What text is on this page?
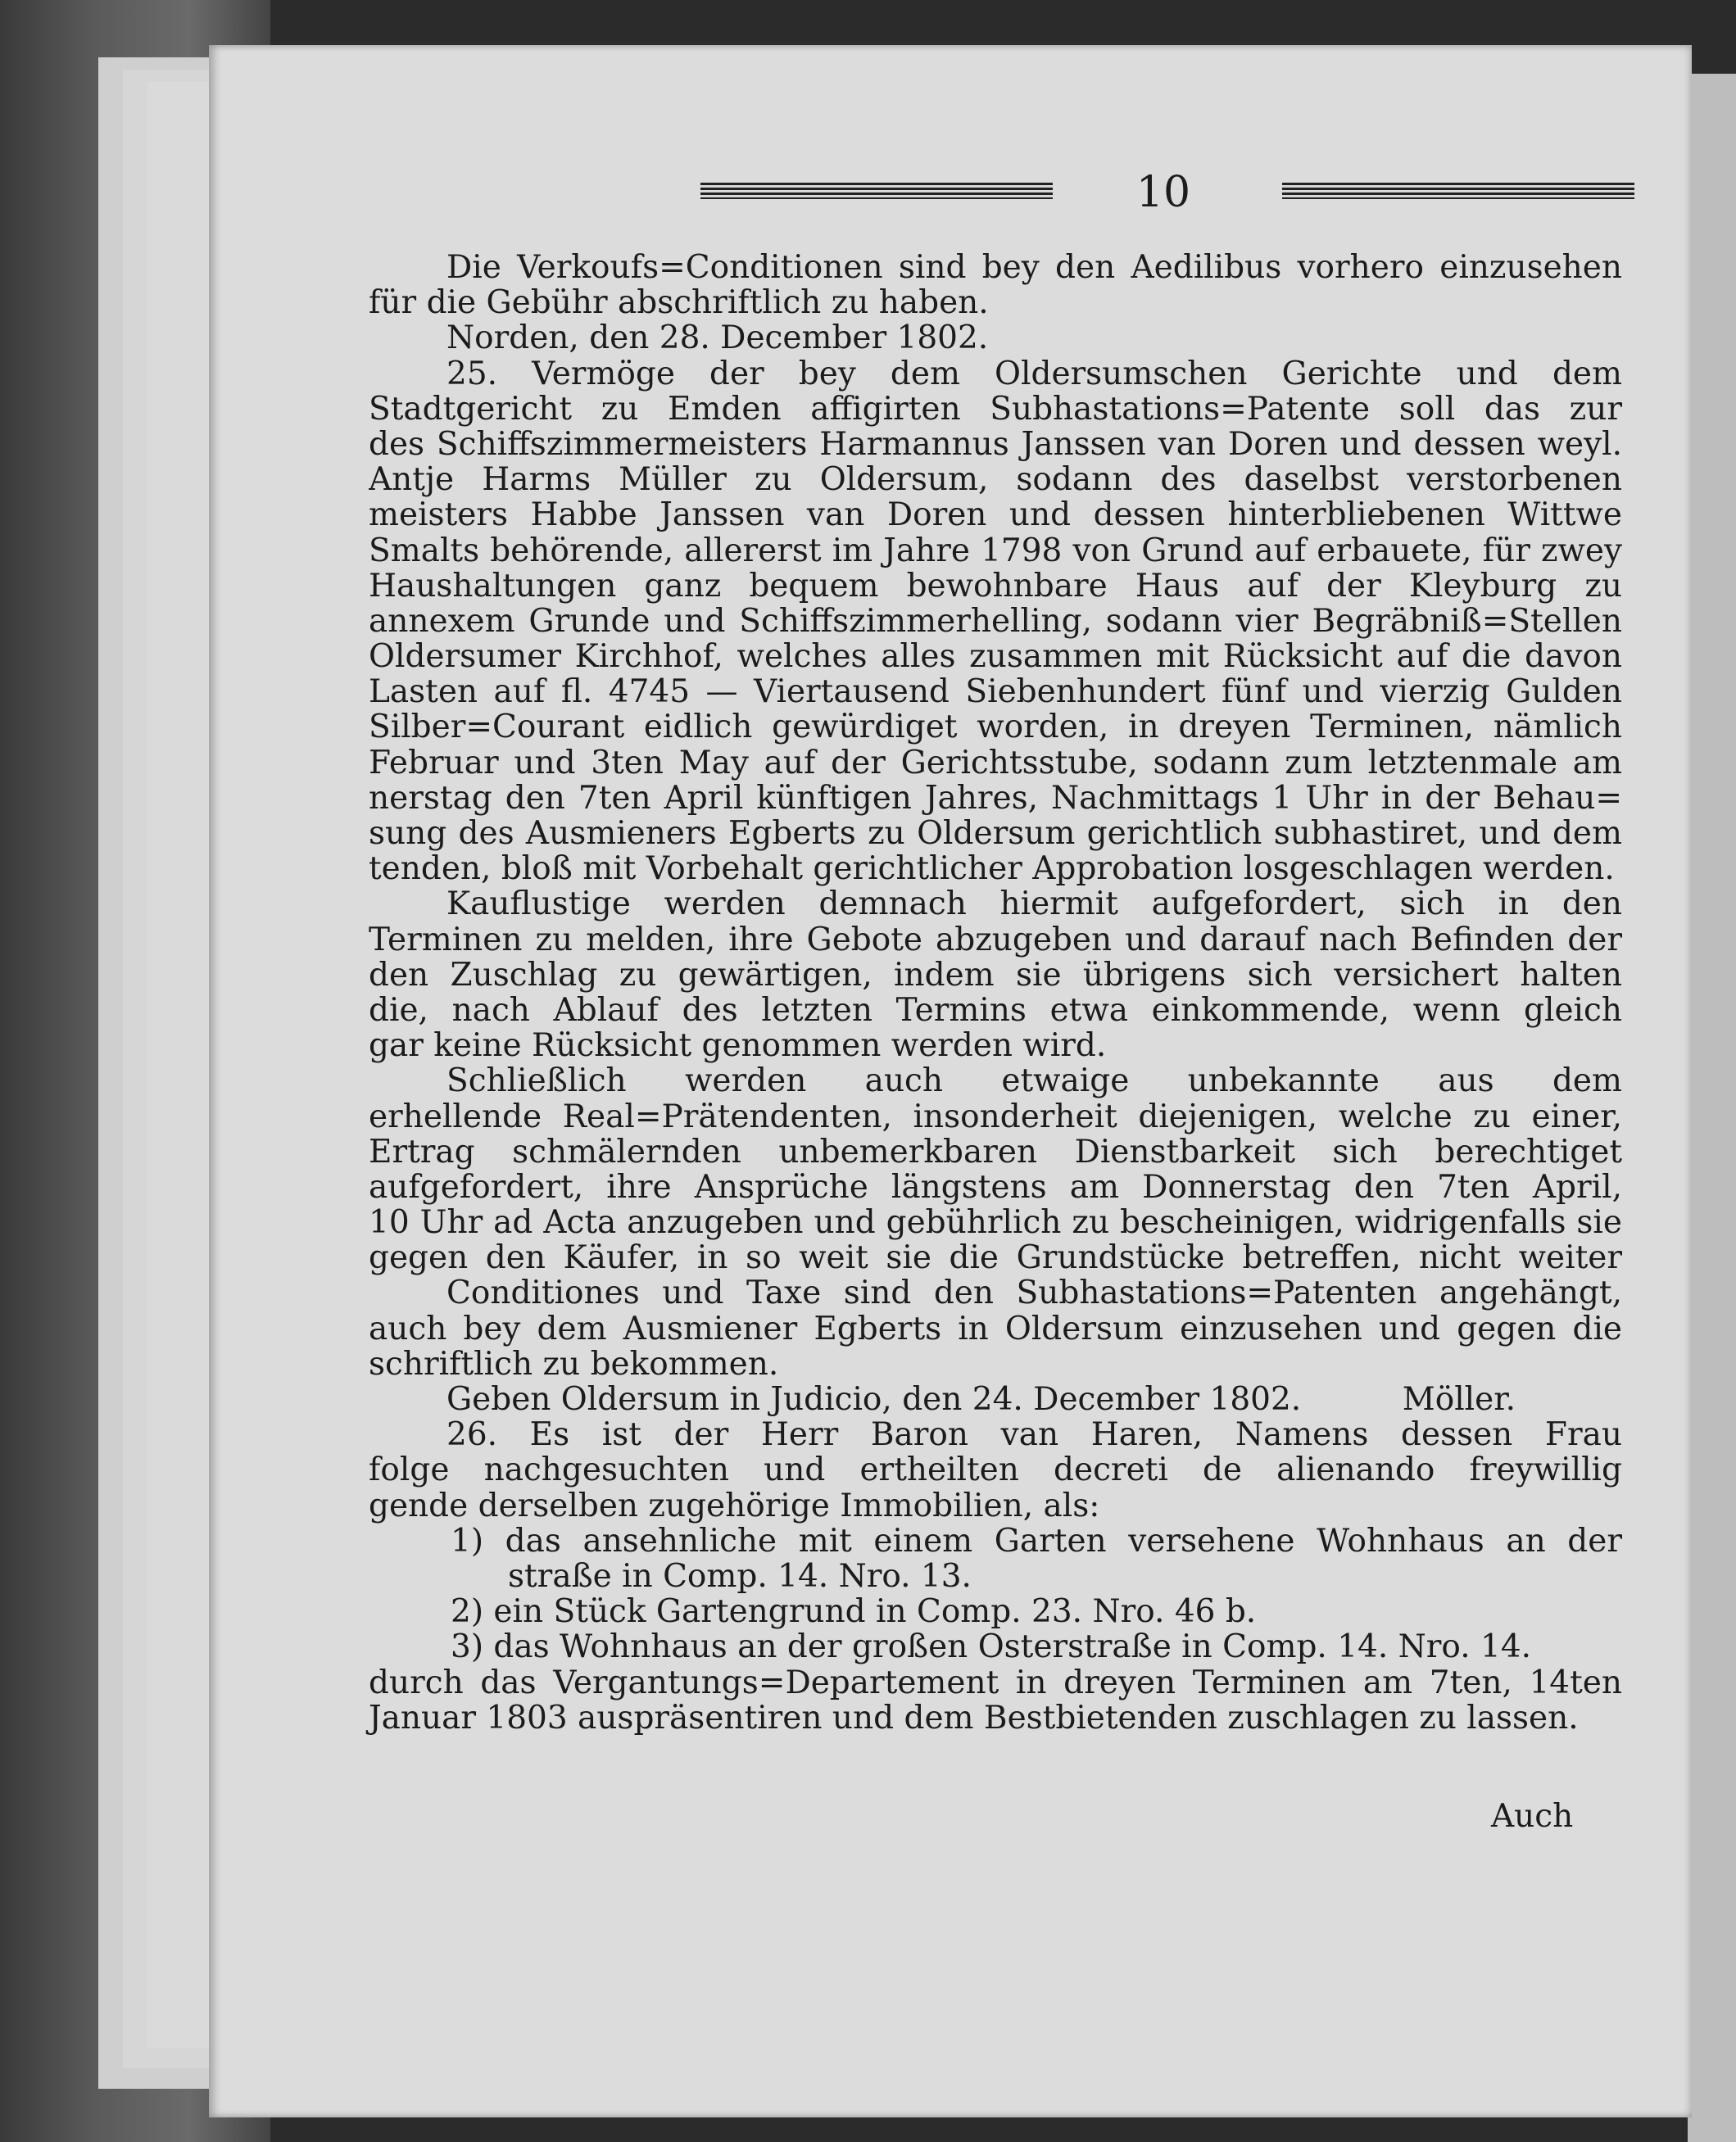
10
Die Verkoufs=Conditionen sind bey den Aedilibus vorhero einzusehen
für die Gebühr abschriftlich zu haben.
Norden, den 28. December 1802.
25. Vermöge der bey dem Oldersumschen Gerichte und dem
Stadtgericht zu Emden affigirten Subhastations=Patente soll das zur
des Schiffszimmermeisters Harmannus Janssen van Doren und dessen weyl.
Antje Harms Müller zu Oldersum, sodann des daselbst verstorbenen
meisters Habbe Janssen van Doren und dessen hinterbliebenen Wittwe
Smalts behörende, allererst im Jahre 1798 von Grund auf erbauete, für zwey
Haushaltungen ganz bequem bewohnbare Haus auf der Kleyburg zu
annexem Grunde und Schiffszimmerhelling, sodann vier Begräbniß=Stellen
Oldersumer Kirchhof, welches alles zusammen mit Rücksicht auf die davon
Lasten auf fl. 4745 — Viertausend Siebenhundert fünf und vierzig Gulden
Silber=Courant eidlich gewürdiget worden, in dreyen Terminen, nämlich
Februar und 3ten May auf der Gerichtsstube, sodann zum letztenmale am
nerstag den 7ten April künftigen Jahres, Nachmittags 1 Uhr in der Behau=
sung des Ausmieners Egberts zu Oldersum gerichtlich subhastiret, und dem
tenden, bloß mit Vorbehalt gerichtlicher Approbation losgeschlagen werden.
Kauflustige werden demnach hiermit aufgefordert, sich in den
Terminen zu melden, ihre Gebote abzugeben und darauf nach Befinden der
den Zuschlag zu gewärtigen, indem sie übrigens sich versichert halten
die, nach Ablauf des letzten Termins etwa einkommende, wenn gleich
gar keine Rücksicht genommen werden wird.
Schließlich werden auch etwaige unbekannte aus dem
erhellende Real=Prätendenten, insonderheit diejenigen, welche zu einer,
Ertrag schmälernden unbemerkbaren Dienstbarkeit sich berechtiget
aufgefordert, ihre Ansprüche längstens am Donnerstag den 7ten April,
10 Uhr ad Acta anzugeben und gebührlich zu bescheinigen, widrigenfalls sie
gegen den Käufer, in so weit sie die Grundstücke betreffen, nicht weiter
Conditiones und Taxe sind den Subhastations=Patenten angehängt,
auch bey dem Ausmiener Egberts in Oldersum einzusehen und gegen die
schriftlich zu bekommen.
Geben Oldersum in Judicio, den 24. December 1802.	Möller.
26. Es ist der Herr Baron van Haren, Namens dessen Frau
folge nachgesuchten und ertheilten decreti de alienando freywillig
gende derselben zugehörige Immobilien, als:
1) das ansehnliche mit einem Garten versehene Wohnhaus an der
straße in Comp. 14. Nro. 13.
2) ein Stück Gartengrund in Comp. 23. Nro. 46 b.
3) das Wohnhaus an der großen Osterstraße in Comp. 14. Nro. 14.
durch das Vergantungs=Departement in dreyen Terminen am 7ten, 14ten
Januar 1803 auspräsentiren und dem Bestbietenden zuschlagen zu lassen.
Auch
